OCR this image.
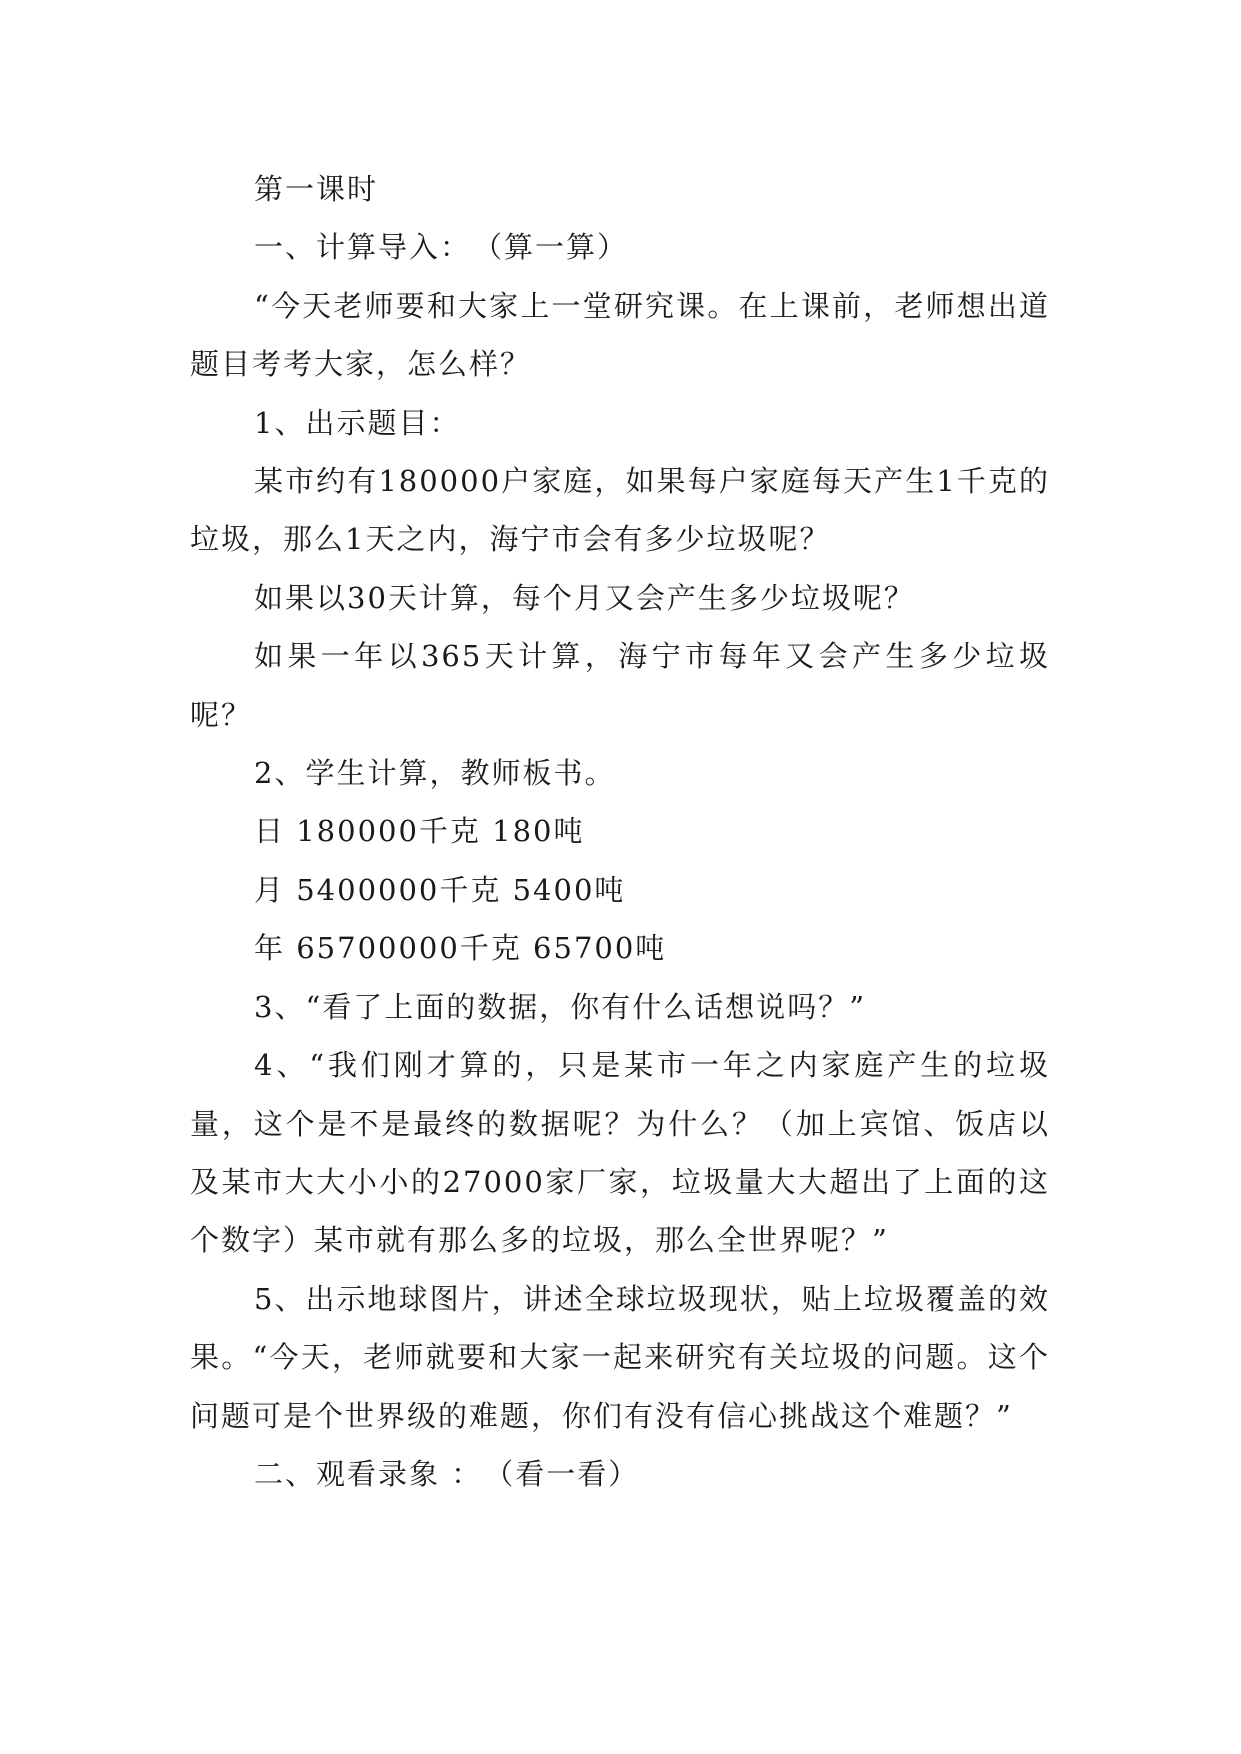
第一课时

一、计算导入：　（算一算）

“今天老师要和大家上一堂研究课。在上课前，老师想出道题目考考大家，怎么样？

1、出示题目：

某市约有180000户家庭，如果每户家庭每天产生1千克的垃圾，那么1天之内，海宁市会有多少垃圾呢？

如果以30天计算，每个月又会产生多少垃圾呢？

如果一年以365天计算，海宁市每年又会产生多少垃圾呢？

2、学生计算，教师板书。

日 180000千克 180吨

月 5400000千克 5400吨

年 65700000千克 65700吨

3、“看了上面的数据，你有什么话想说吗？”

4、“我们刚才算的，只是某市一年之内家庭产生的垃圾量，这个是不是最终的数据呢？为什么？（加上宾馆、饭店以及某市大大小小的27000家厂家，垃圾量大大超出了上面的这个数字）某市就有那么多的垃圾，那么全世界呢？”

5、出示地球图片，讲述全球垃圾现状，贴上垃圾覆盖的效果。“今天，老师就要和大家一起来研究有关垃圾的问题。这个问题可是个世界级的难题，你们有没有信心挑战这个难题？”

二、观看录象 ：　（看一看）
